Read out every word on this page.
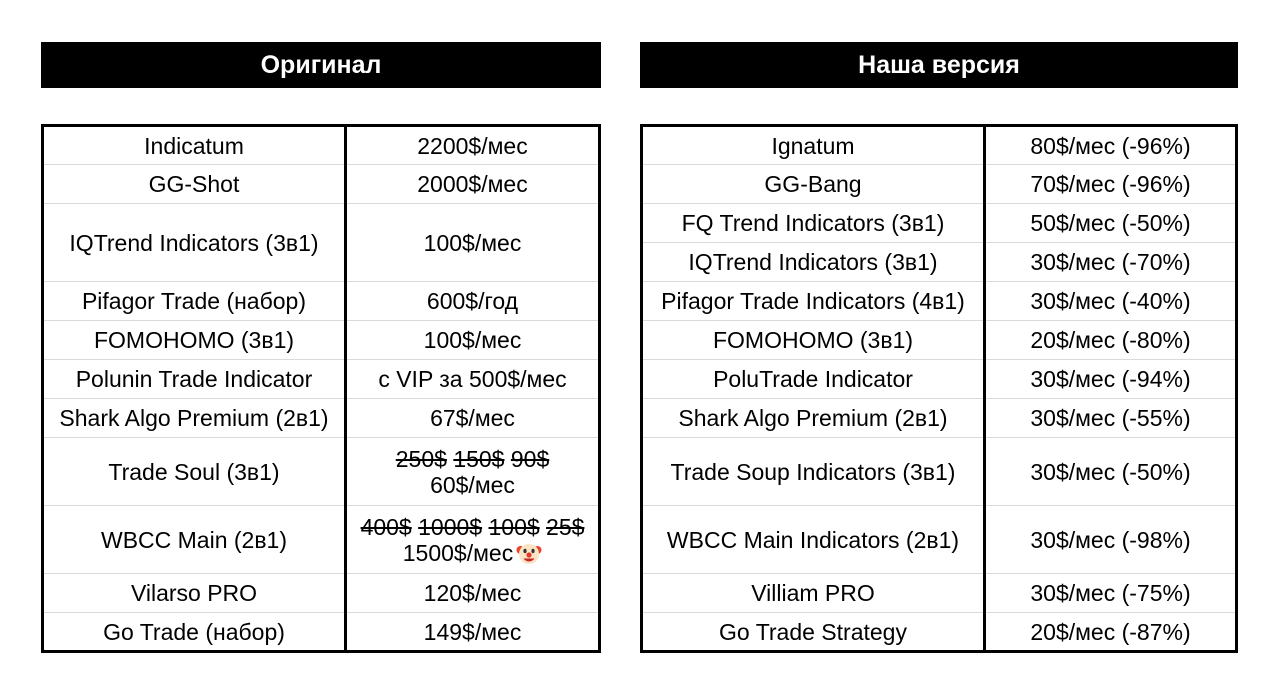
Оригинал	Наша версия
Indicatum	2200$/мес
GG-Shot	2000$/мес
IQTrend Indicators (3в1)	100$/мес
Pifagor Trade (набор)	600$/год
FOMOHOMO (3в1)	100$/мес
Polunin Trade Indicator	с VIP за 500$/мес
Shark Algo Premium (2в1)	67$/мес
Trade Soul (3в1)	250$ 150$ 90$
60$/мес

WBCC Main (2в1)	400$ 1000$ 100$ 25$
1500$/мес

Vilarso PRO	120$/мес
Go Trade (набор)	149$/мес
Ignatum	80$/мес (-96%)
GG-Bang	70$/мес (-96%)
FQ Trend Indicators (3в1)	50$/мес (-50%)
IQTrend Indicators (3в1)	30$/мес (-70%)
Pifagor Trade Indicators (4в1)	30$/мес (-40%)
FOMOHOMO (3в1)	20$/мес (-80%)
PoluTrade Indicator	30$/мес (-94%)
Shark Algo Premium (2в1)	30$/мес (-55%)
Trade Soup Indicators (3в1)	30$/мес (-50%)
WBCC Main Indicators (2в1)	30$/мес (-98%)
Villiam PRO	30$/мес (-75%)
Go Trade Strategy	20$/мес (-87%)
